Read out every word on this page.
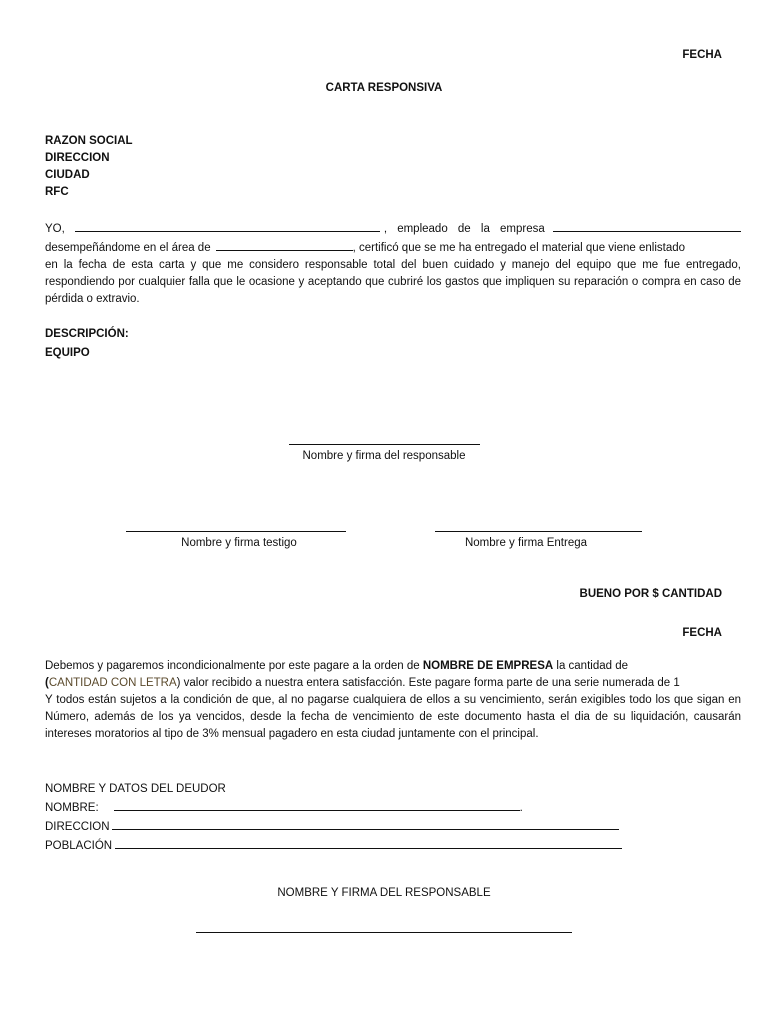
FECHA
CARTA RESPONSIVA
RAZON SOCIAL
DIRECCION
CIUDAD
RFC
YO,	, empleado de la empresa
desempeñándome en el área de	, certificó que se me ha entregado el material que viene enlistado

en la fecha de esta carta y que me considero responsable total del buen cuidado y manejo del equipo que me fue entregado, respondiendo por cualquier falla que le ocasione y aceptando que cubriré los gastos que impliquen su reparación o compra en caso de pérdida o extravio.

DESCRIPCIÓN:
EQUIPO
Nombre y firma del responsable
Nombre y firma testigo	Nombre y firma Entrega
BUENO POR $ CANTIDAD
FECHA

Debemos y pagaremos incondicionalmente por este pagare a la orden de NOMBRE DE EMPRESA la cantidad de
(CANTIDAD CON LETRA) valor recibido a nuestra entera satisfacción. Este pagare forma parte de una serie numerada de 1

Y todos están sujetos a la condición de que, al no pagarse cualquiera de ellos a su vencimiento, serán exigibles todo los que sigan en Número, además de los ya vencidos, desde la fecha de vencimiento de este documento hasta el dia de su liquidación, causarán intereses moratorios al tipo de 3% mensual pagadero en esta ciudad juntamente con el principal.

NOMBRE Y DATOS DEL DEUDOR
NOMBRE:	.
DIRECCION
POBLACIÓN
NOMBRE Y FIRMA DEL RESPONSABLE
